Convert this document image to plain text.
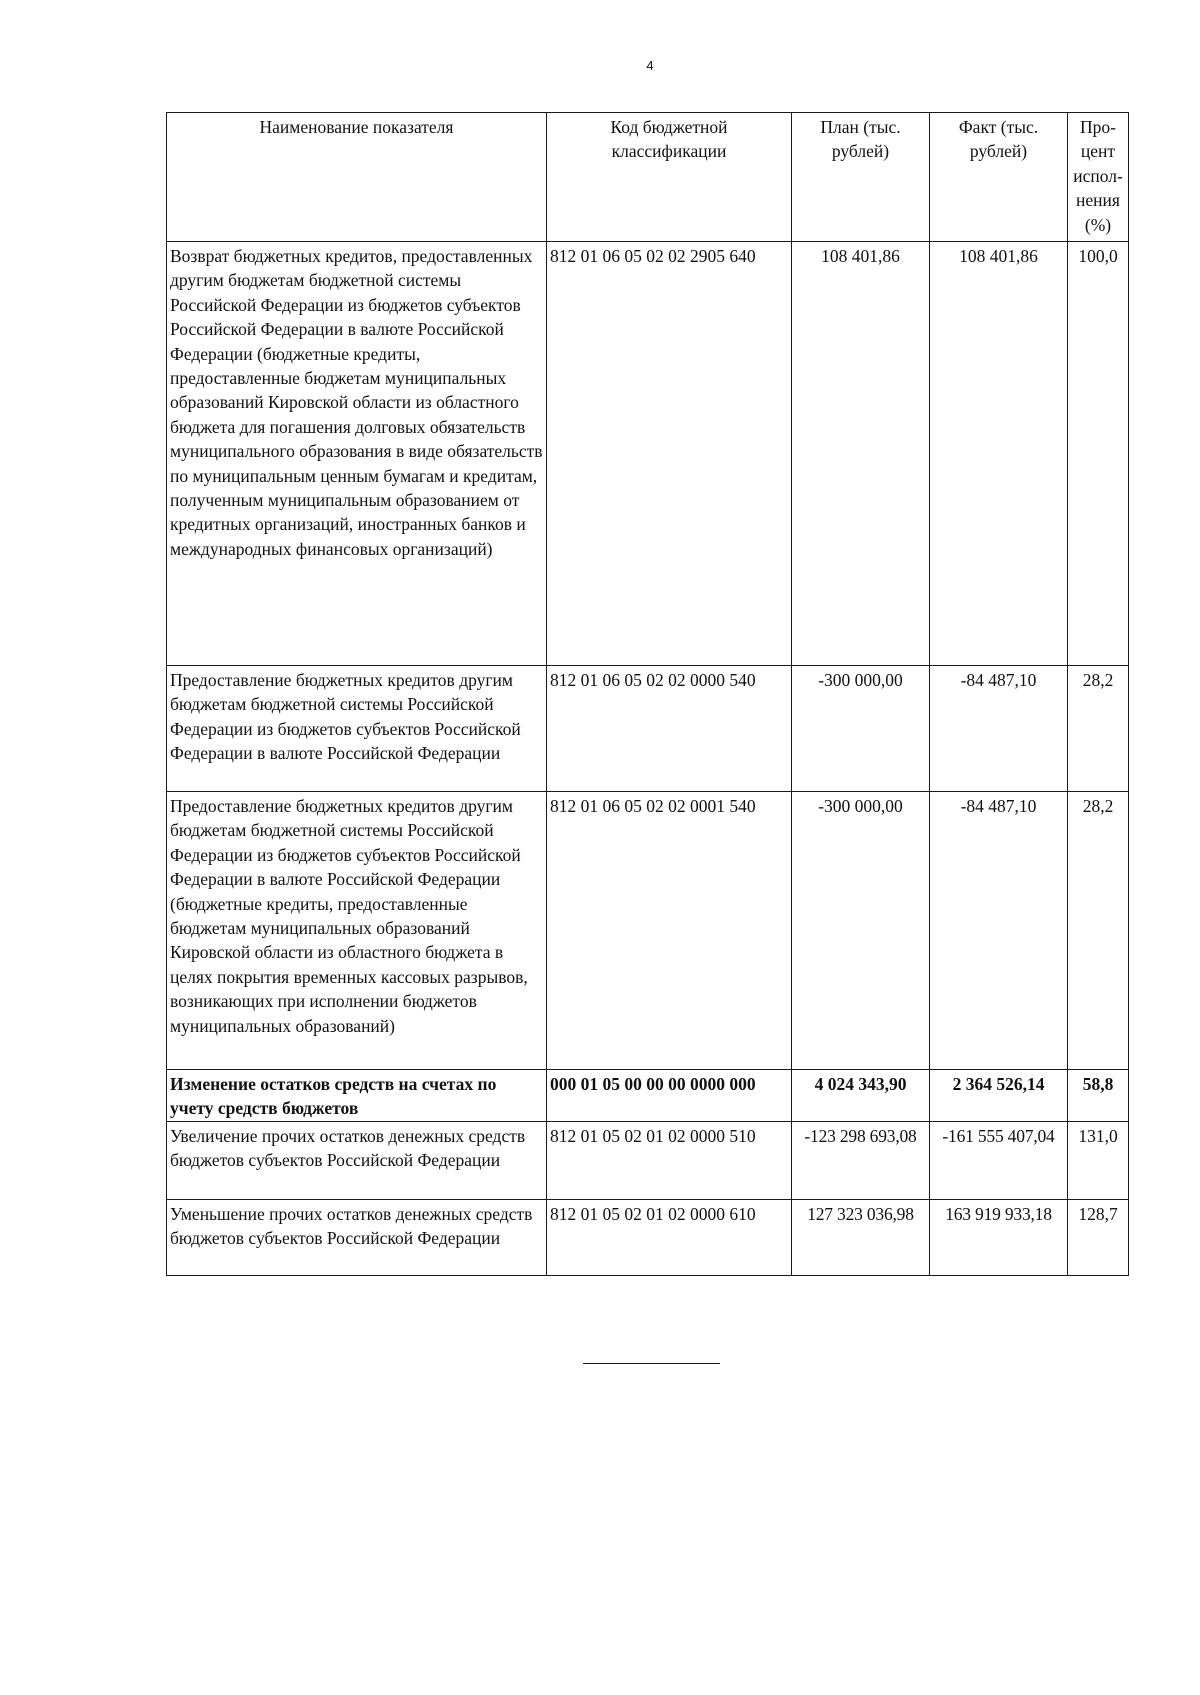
4
Наименование показателя	Код бюджетной классификации	План (тыс. рублей)	Факт (тыс. рублей)	Про-цент испол-нения (%)
Возврат бюджетных кредитов, предоставленных другим бюджетам бюджетной системы Российской Федерации из бюджетов субъектов Российской Федерации в валюте Российской Федерации (бюджетные кредиты, предоставленные бюджетам муниципальных образований Кировской области из областного бюджета для погашения долговых обязательств муниципального образования в виде обязательств по муниципальным ценным бумагам и кредитам, полученным муниципальным образованием от кредитных организаций, иностранных банков и международных финансовых организаций)	812 01 06 05 02 02 2905 640	108 401,86	108 401,86	100,0
Предоставление бюджетных кредитов другим бюджетам бюджетной системы Российской Федерации из бюджетов субъектов Российской Федерации в валюте Российской Федерации	812 01 06 05 02 02 0000 540	-300 000,00	-84 487,10	28,2
Предоставление бюджетных кредитов другим бюджетам бюджетной системы Российской Федерации из бюджетов субъектов Российской Федерации в валюте Российской Федерации (бюджетные кредиты, предоставленные бюджетам муниципальных образований Кировской области из областного бюджета в целях покрытия временных кассовых разрывов, возникающих при исполнении бюджетов муниципальных образований)	812 01 06 05 02 02 0001 540	-300 000,00	-84 487,10	28,2
Изменение остатков средств на счетах по учету средств бюджетов	000 01 05 00 00 00 0000 000	4 024 343,90	2 364 526,14	58,8
Увеличение прочих остатков денежных средств бюджетов субъектов Российской Федерации	812 01 05 02 01 02 0000 510	-123 298 693,08	-161 555 407,04	131,0
Уменьшение прочих остатков денежных средств бюджетов субъектов Российской Федерации	812 01 05 02 01 02 0000 610	127 323 036,98	163 919 933,18	128,7
